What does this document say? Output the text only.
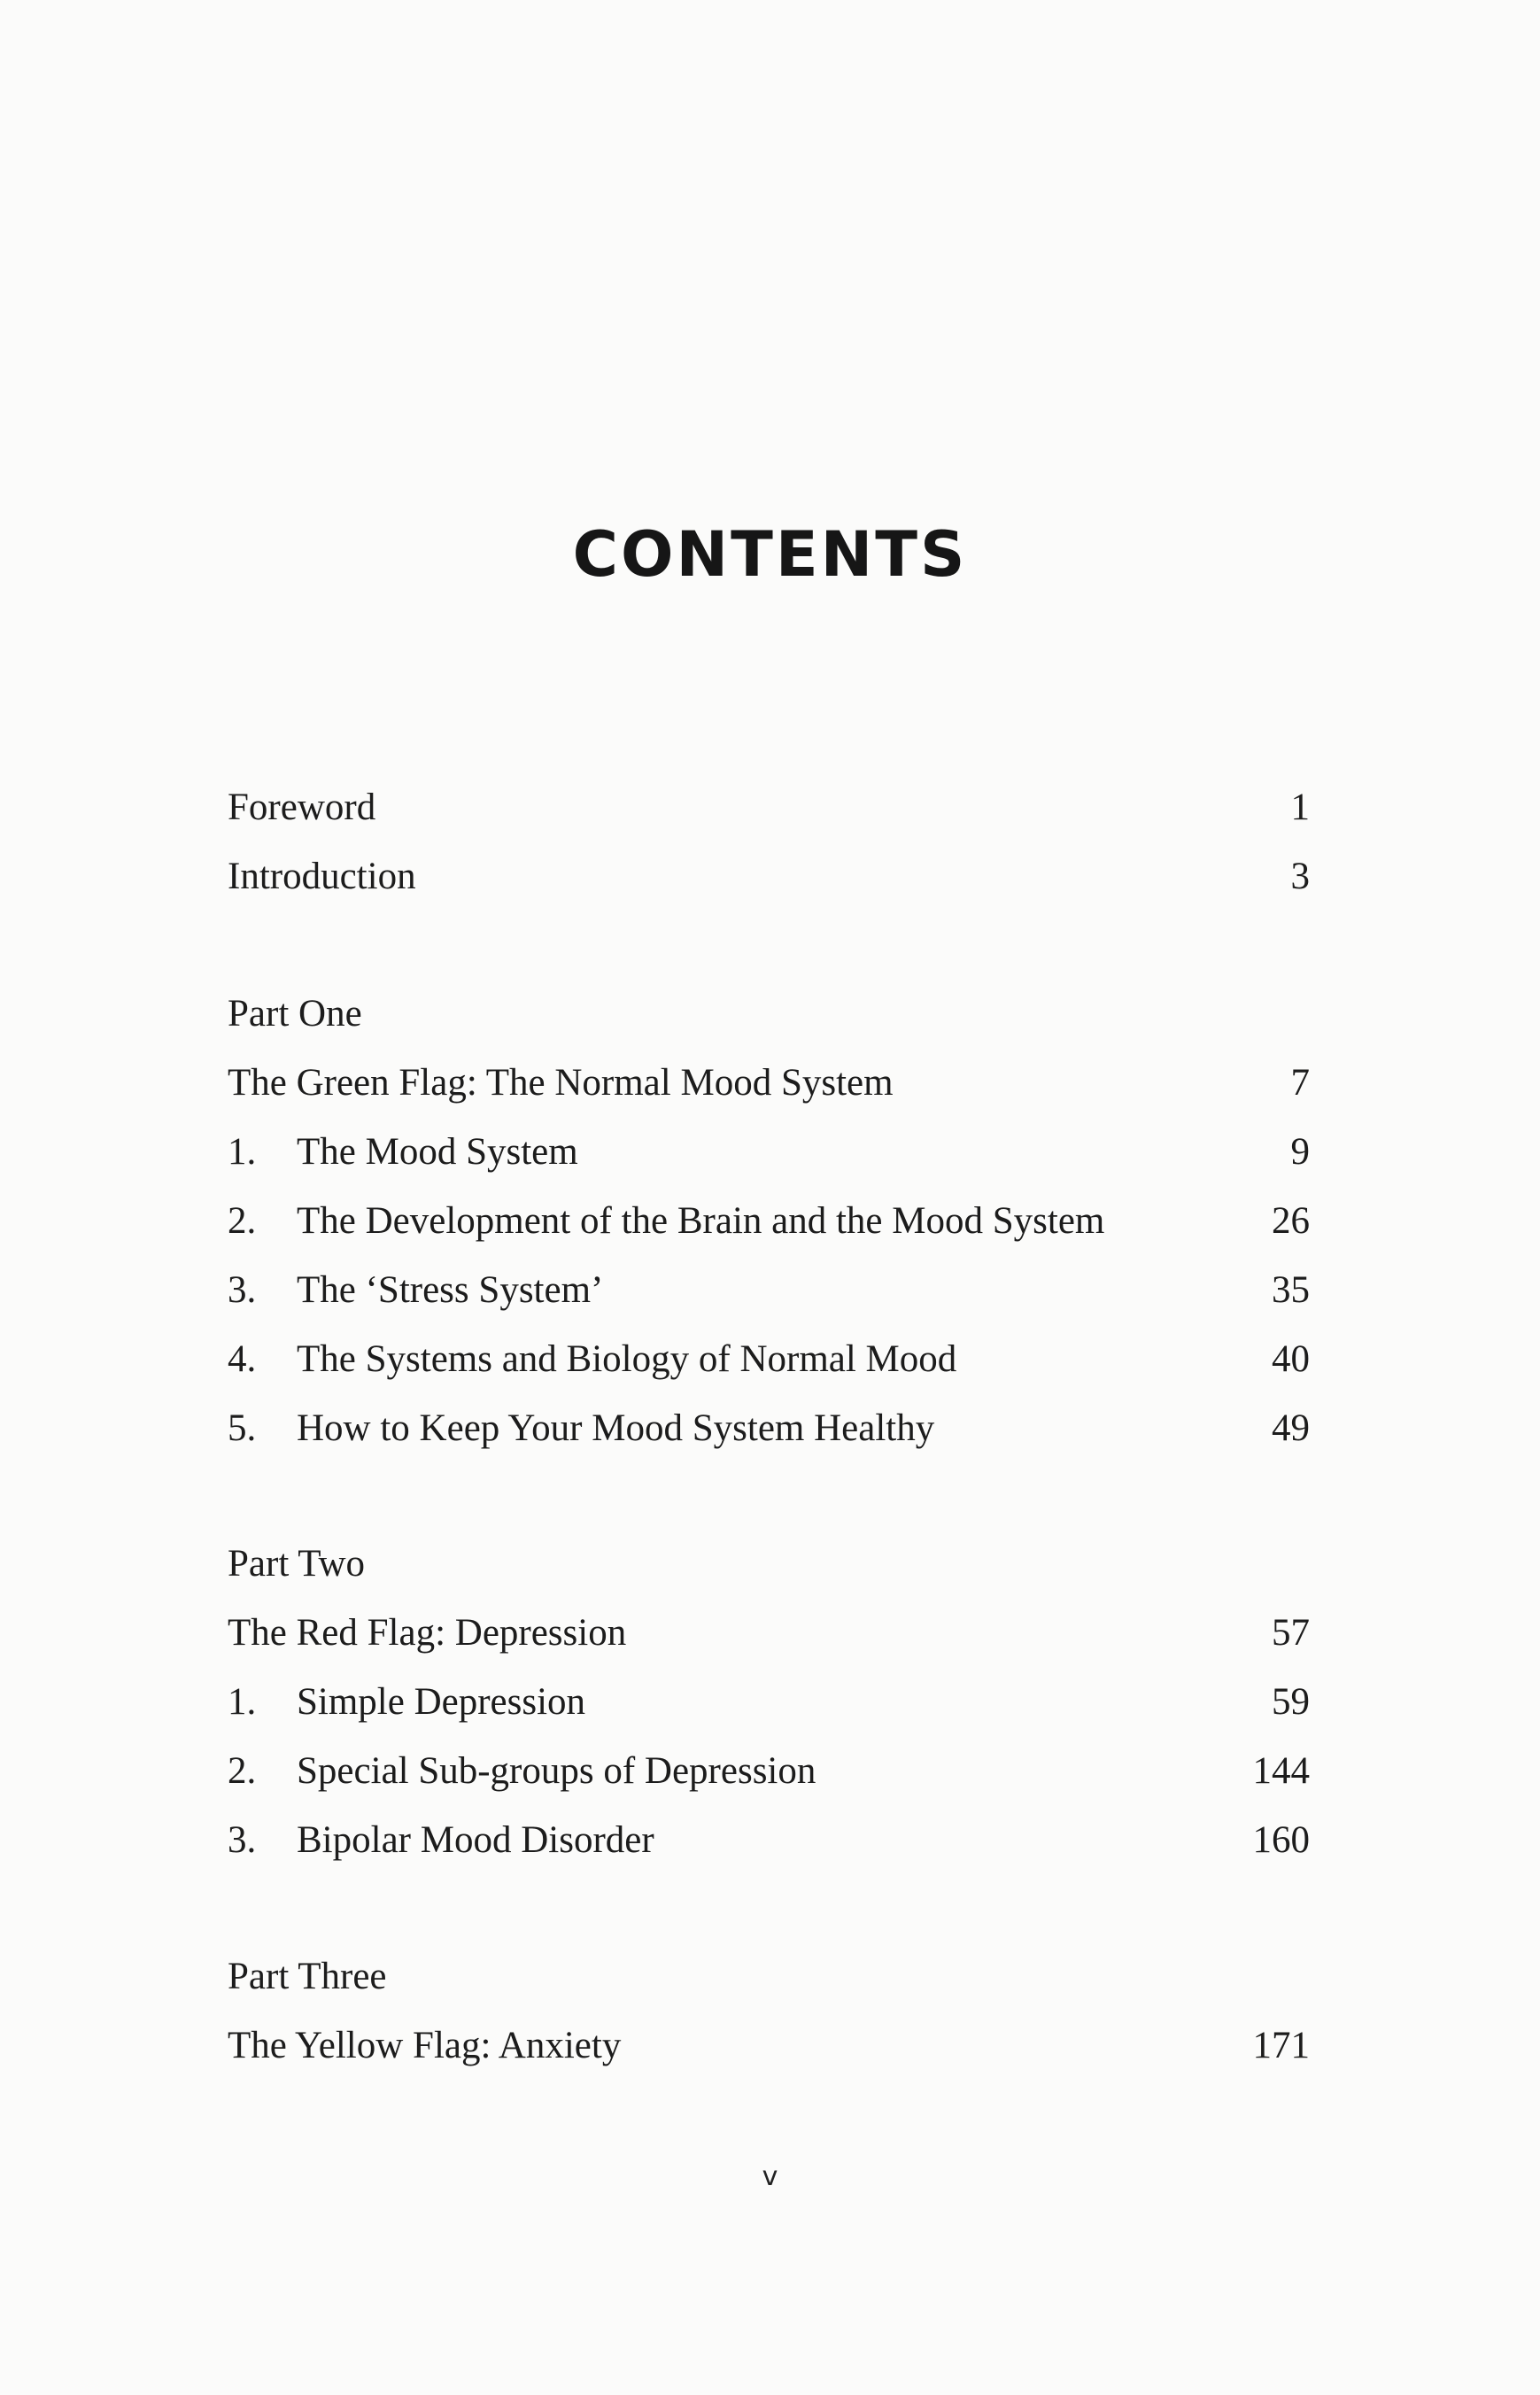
CONTENTS
Foreword	1
Introduction	3
Part One
The Green Flag: The Normal Mood System	7
1. The Mood System	9
2. The Development of the Brain and the Mood System	26
3. The ‘Stress System’	35
4. The Systems and Biology of Normal Mood	40
5. How to Keep Your Mood System Healthy	49
Part Two
The Red Flag: Depression	57
1. Simple Depression	59
2. Special Sub-groups of Depression	144
3. Bipolar Mood Disorder	160
Part Three
The Yellow Flag: Anxiety	171
v
